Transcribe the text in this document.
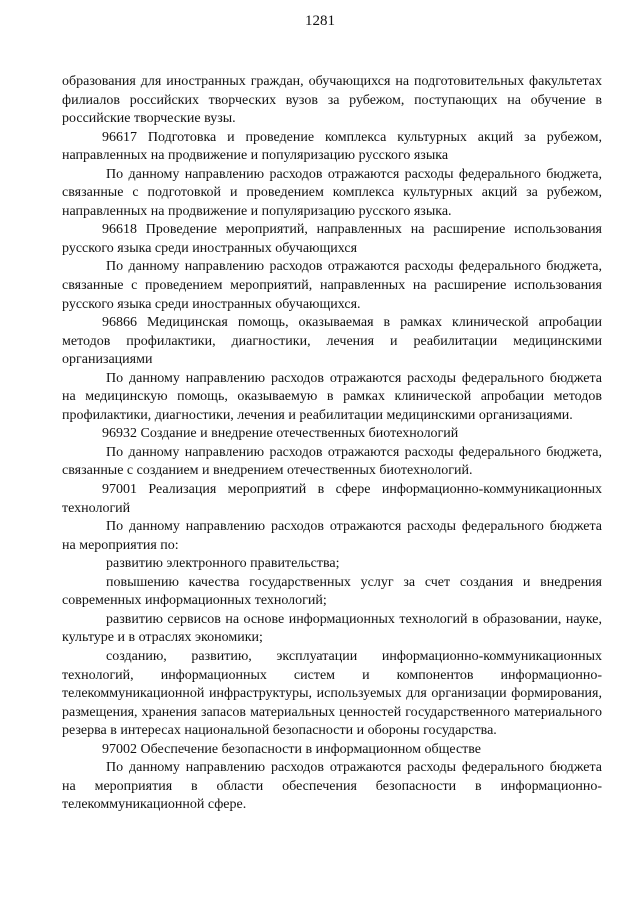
1281

образования для иностранных граждан, обучающихся на подготовительных факультетах филиалов российских творческих вузов за рубежом, поступающих на обучение в российские творческие вузы.

96617 Подготовка и проведение комплекса культурных акций за рубежом, направленных на продвижение и популяризацию русского языка

По данному направлению расходов отражаются расходы федерального бюджета, связанные с подготовкой и проведением комплекса культурных акций за рубежом, направленных на продвижение и популяризацию русского языка.

96618 Проведение мероприятий, направленных на расширение использования русского языка среди иностранных обучающихся

По данному направлению расходов отражаются расходы федерального бюджета, связанные с проведением мероприятий, направленных на расширение использования русского языка среди иностранных обучающихся.

96866 Медицинская помощь, оказываемая в рамках клинической апробации методов профилактики, диагностики, лечения и реабилитации медицинскими организациями

По данному направлению расходов отражаются расходы федерального бюджета на медицинскую помощь, оказываемую в рамках клинической апробации методов профилактики, диагностики, лечения и реабилитации медицинскими организациями.

96932 Создание и внедрение отечественных биотехнологий

По данному направлению расходов отражаются расходы федерального бюджета, связанные с созданием и внедрением отечественных биотехнологий.

97001 Реализация мероприятий в сфере информационно-коммуникационных технологий

По данному направлению расходов отражаются расходы федерального бюджета на мероприятия по:

развитию электронного правительства;

повышению качества государственных услуг за счет создания и внедрения современных информационных технологий;

развитию сервисов на основе информационных технологий в образовании, науке, культуре и в отраслях экономики;

созданию, развитию, эксплуатации информационно-коммуникационных технологий, информационных систем и компонентов информационно-телекоммуникационной инфраструктуры, используемых для организации формирования, размещения, хранения запасов материальных ценностей государственного материального резерва в интересах национальной безопасности и обороны государства.

97002 Обеспечение безопасности в информационном обществе

По данному направлению расходов отражаются расходы федерального бюджета на мероприятия в области обеспечения безопасности в информационно-телекоммуникационной сфере.
